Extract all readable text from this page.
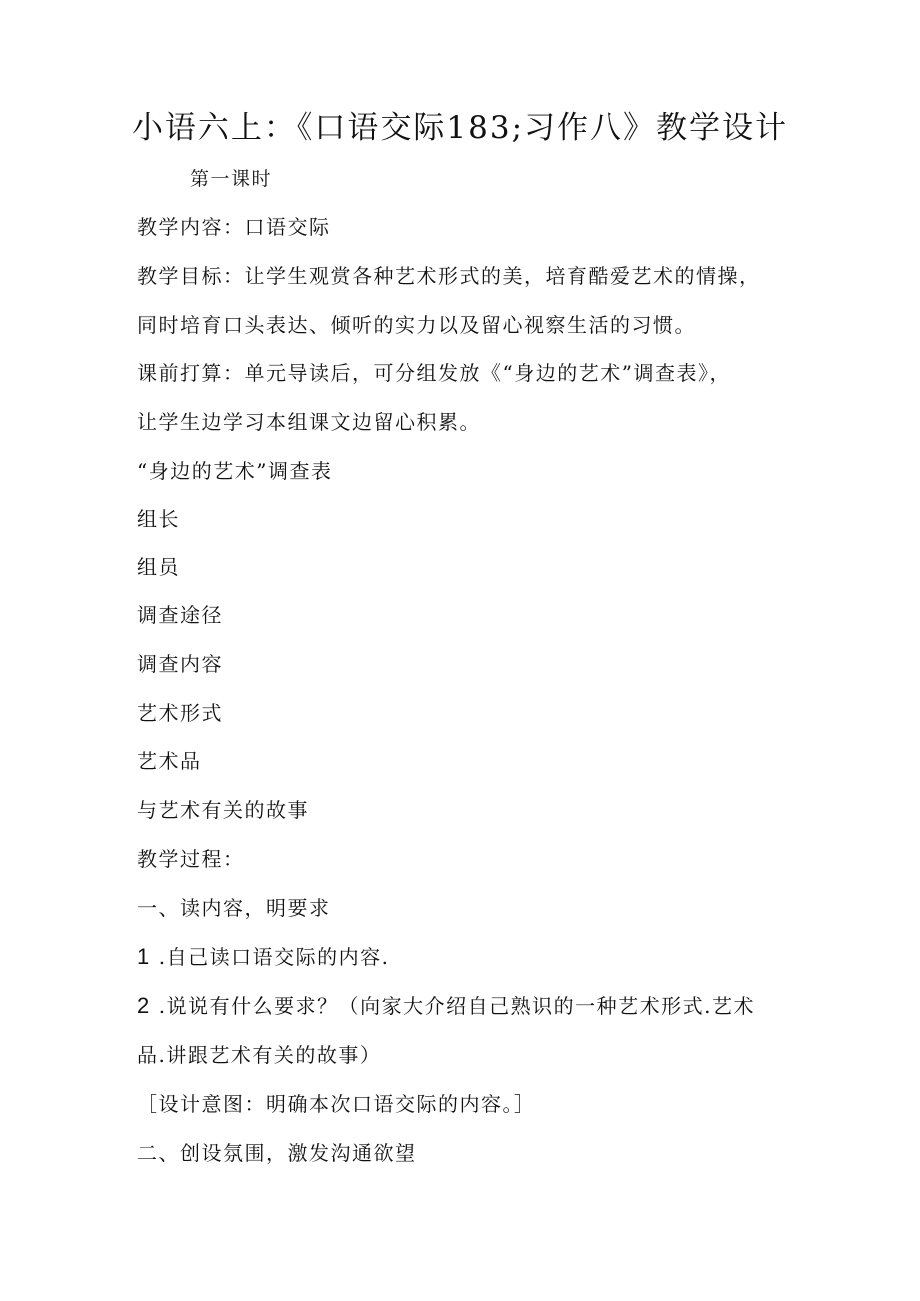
小语六上：《口语交际183;习作八》教学设计
第一课时
教学内容：口语交际
教学目标：让学生观赏各种艺术形式的美，培育酷爱艺术的情操，
同时培育口头表达、倾听的实力以及留心视察生活的习惯。
课前打算：单元导读后，可分组发放《“身边的艺术”调查表》，
让学生边学习本组课文边留心积累。
“身边的艺术”调查表
组长
组员
调查途径
调查内容
艺术形式
艺术品
与艺术有关的故事
教学过程：
一、读内容，明要求
1 .自己读口语交际的内容.
2 .说说有什么要求？（向家大介绍自己熟识的一种艺术形式.艺术
品.讲跟艺术有关的故事）
［设计意图：明确本次口语交际的内容。］
二、创设氛围，激发沟通欲望
